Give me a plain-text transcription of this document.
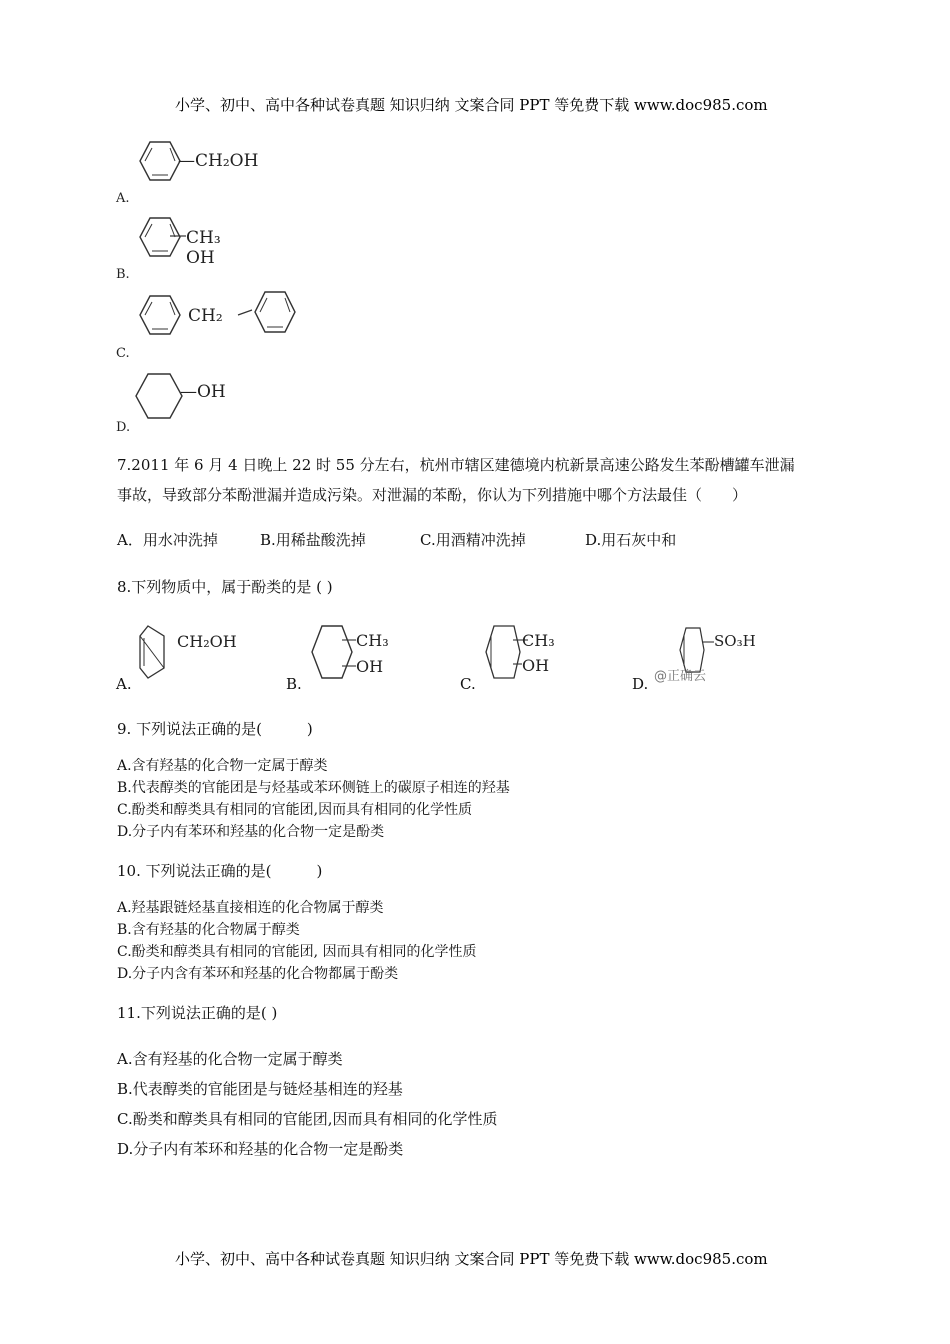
小学、初中、高中各种试卷真题 知识归纳 文案合同 PPT 等免费下载 www.doc985.com
—CH₂OH
A.
CH₃
OH
B.
CH₂
C.
—OH
D.
7.2011 年 6 月 4 日晚上 22 时 55 分左右，杭州市辖区建德境内杭新景高速公路发生苯酚槽罐车泄漏
事故，导致部分苯酚泄漏并造成污染。对泄漏的苯酚，你认为下列措施中哪个方法最佳（　　）
A．用水冲洗掉	B.用稀盐酸洗掉	C.用酒精冲洗掉	D.用石灰中和
8.下列物质中，属于酚类的是 ( )
CH₂OH
A.
CH₃
OH
B.
CH₃
OH
C.
SO₃H
@正确云
D.
9. 下列说法正确的是(　　　)
A.含有羟基的化合物一定属于醇类
B.代表醇类的官能团是与烃基或苯环侧链上的碳原子相连的羟基
C.酚类和醇类具有相同的官能团,因而具有相同的化学性质
D.分子内有苯环和羟基的化合物一定是酚类
10. 下列说法正确的是(　　　)
A.羟基跟链烃基直接相连的化合物属于醇类
B.含有羟基的化合物属于醇类
C.酚类和醇类具有相同的官能团, 因而具有相同的化学性质
D.分子内含有苯环和羟基的化合物都属于酚类
11.下列说法正确的是( )
A.含有羟基的化合物一定属于醇类
B.代表醇类的官能团是与链烃基相连的羟基
C.酚类和醇类具有相同的官能团,因而具有相同的化学性质
D.分子内有苯环和羟基的化合物一定是酚类
小学、初中、高中各种试卷真题 知识归纳 文案合同 PPT 等免费下载 www.doc985.com
